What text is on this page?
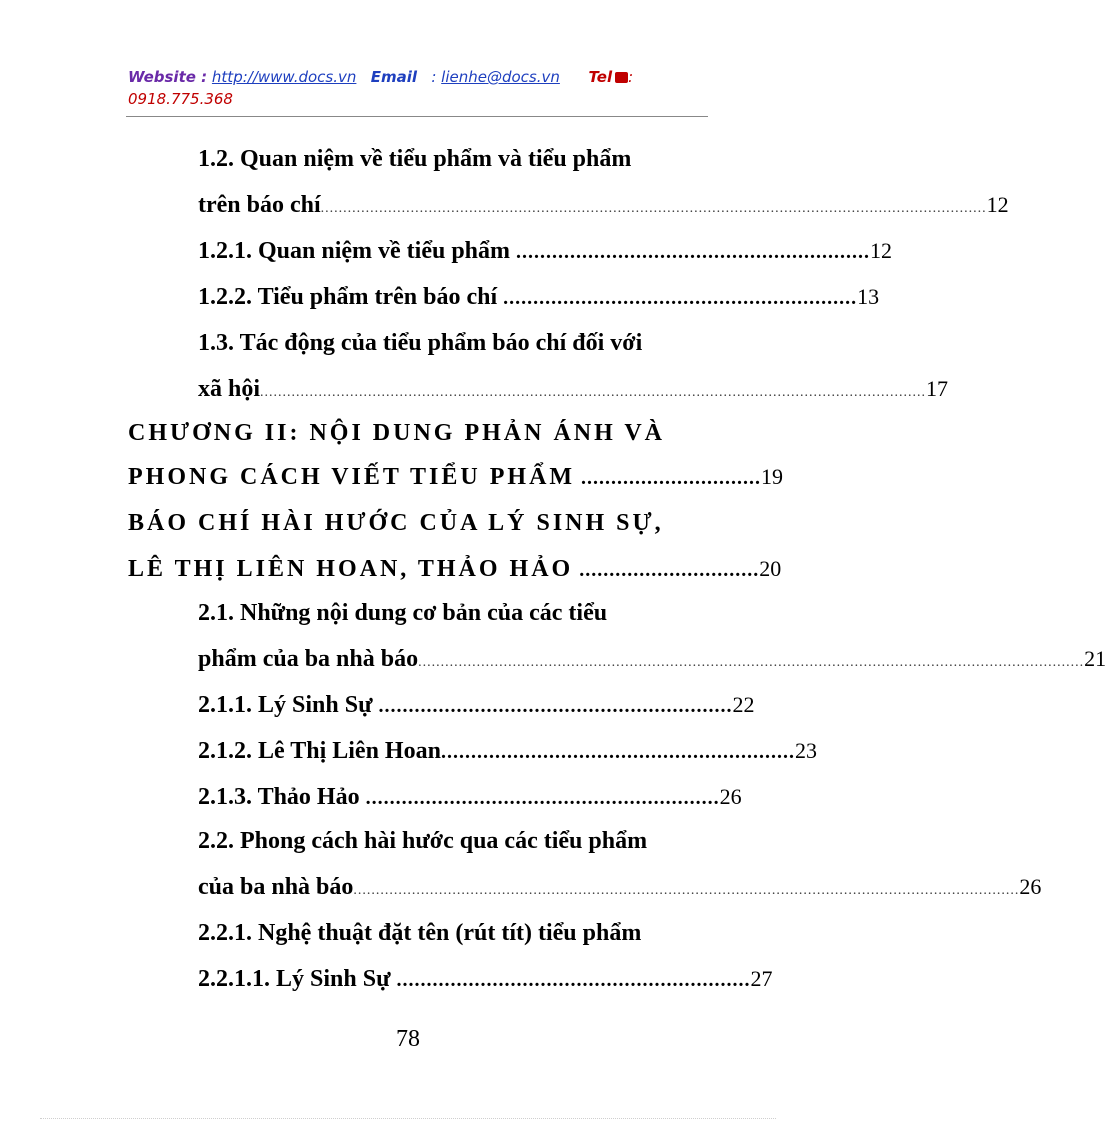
Website : http://www.docs.vn Email : lienhe@docs.vn Tel :
0918.775.368
1.2. Quan niệm về tiểu phẩm và tiểu phẩm
trên báo chí .................................................................................................................................................... 12
1.2.1. Quan niệm về tiểu phẩm ........................................................... 12
1.2.2. Tiểu phẩm trên báo chí ........................................................... 13
1.3. Tác động của tiểu phẩm báo chí đối với
xã hội .................................................................................................................................................... 17
CHƯƠNG II: NỘI DUNG PHẢN ÁNH VÀ
PHONG CÁCH VIẾT TIỂU PHẨM .............................. 19
BÁO CHÍ HÀI HƯỚC CỦA LÝ SINH SỰ,
LÊ THỊ LIÊN HOAN, THẢO HẢO .............................. 20
2.1. Những nội dung cơ bản của các tiểu
phẩm của ba nhà báo .................................................................................................................................................... 21
2.1.1. Lý Sinh Sự ........................................................... 22
2.1.2. Lê Thị Liên Hoan ........................................................... 23
2.1.3. Thảo Hảo ........................................................... 26
2.2. Phong cách hài hước qua các tiểu phẩm
của ba nhà báo .................................................................................................................................................... 26
2.2.1. Nghệ thuật đặt tên (rút tít) tiểu phẩm
2.2.1.1. Lý Sinh Sự ........................................................... 27
78
